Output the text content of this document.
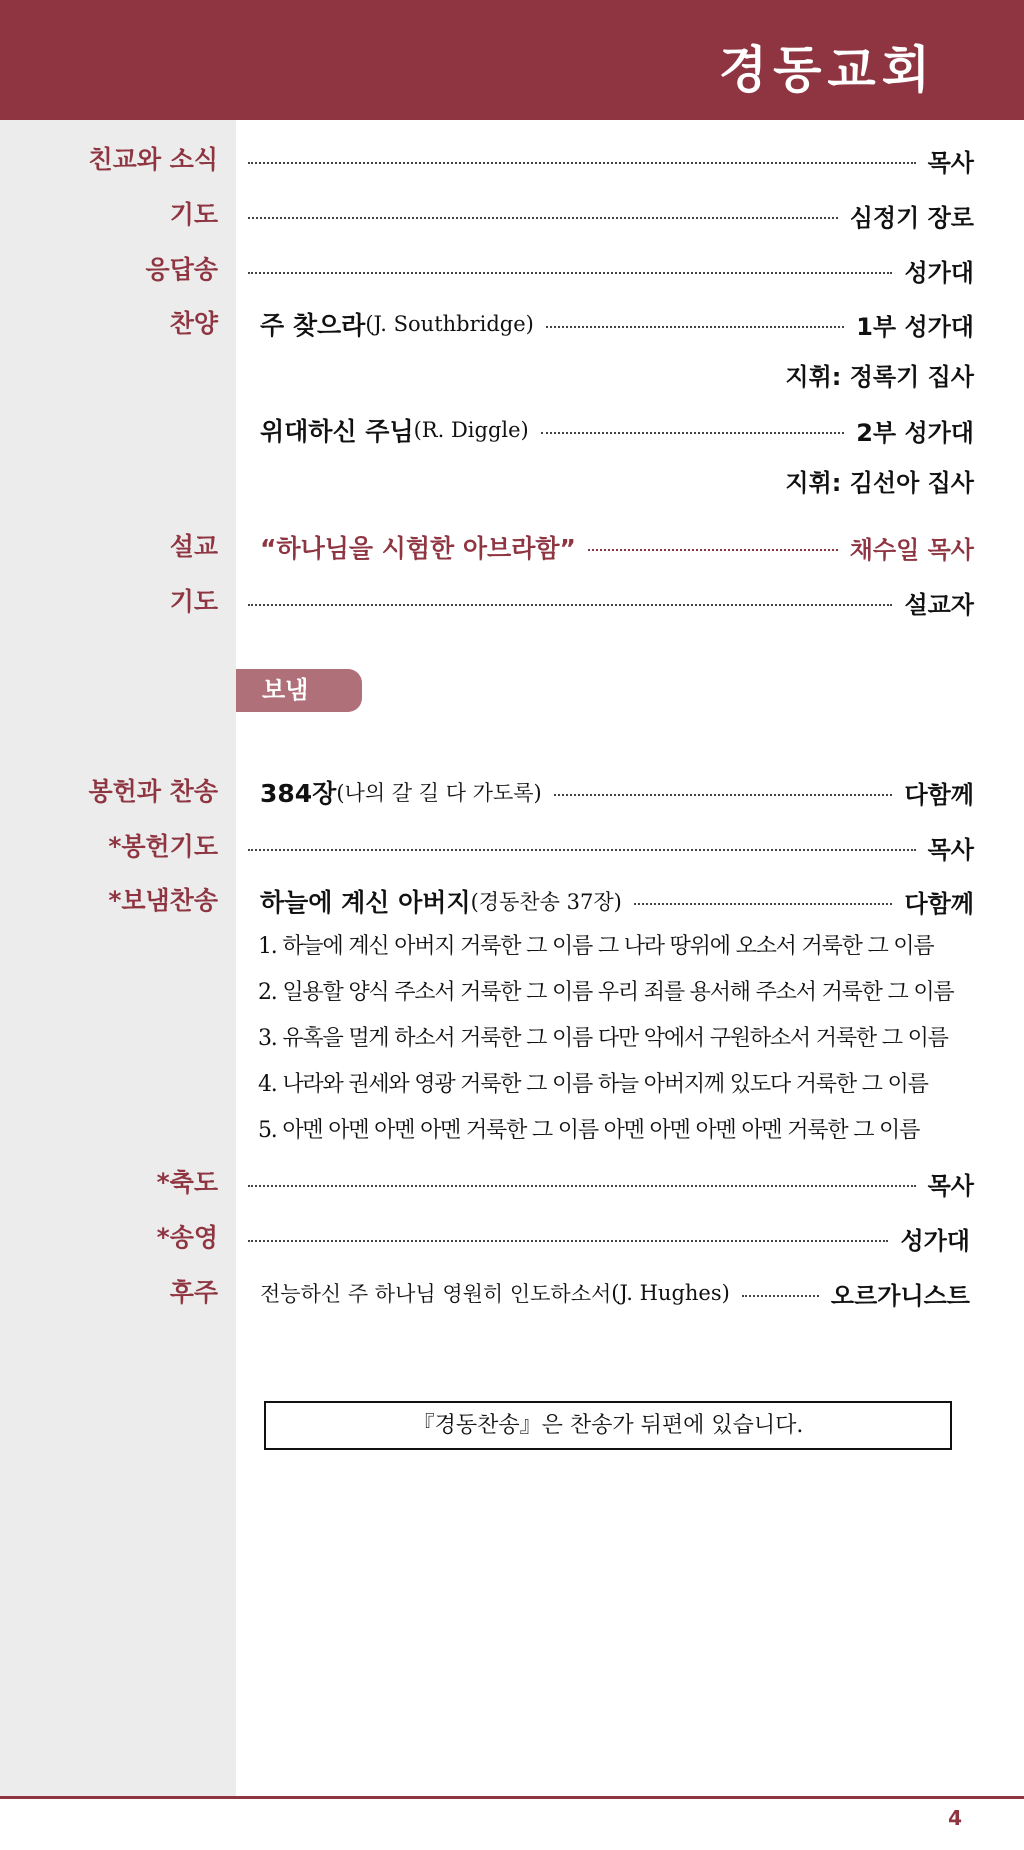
경동교회
친교와 소식	목사
기도	심정기 장로
응답송	성가대
찬양 주 찾으라 (J. Southbridge)	1부 성가대
지휘: 정록기 집사
위대하신 주님 (R. Diggle)	2부 성가대
지휘: 김선아 집사
설교 “하나님을 시험한 아브라함”	채수일 목사
기도	설교자
보냄
봉헌과 찬송 384장 (나의 갈 길 다 가도록)	다함께
*봉헌기도	목사
*보냄찬송 하늘에 계신 아버지 (경동찬송 37장)	다함께
1. 하늘에 계신 아버지 거룩한 그 이름 그 나라 땅위에 오소서 거룩한 그 이름
2. 일용할 양식 주소서 거룩한 그 이름 우리 죄를 용서해 주소서 거룩한 그 이름
3. 유혹을 멀게 하소서 거룩한 그 이름 다만 악에서 구원하소서 거룩한 그 이름
4. 나라와 권세와 영광 거룩한 그 이름 하늘 아버지께 있도다 거룩한 그 이름
5. 아멘 아멘 아멘 아멘 거룩한 그 이름 아멘 아멘 아멘 아멘 거룩한 그 이름
*축도	목사
*송영	성가대
후주 전능하신 주 하나님 영원히 인도하소서 (J. Hughes)	오르가니스트
『경동찬송』은 찬송가 뒤편에 있습니다.
4
